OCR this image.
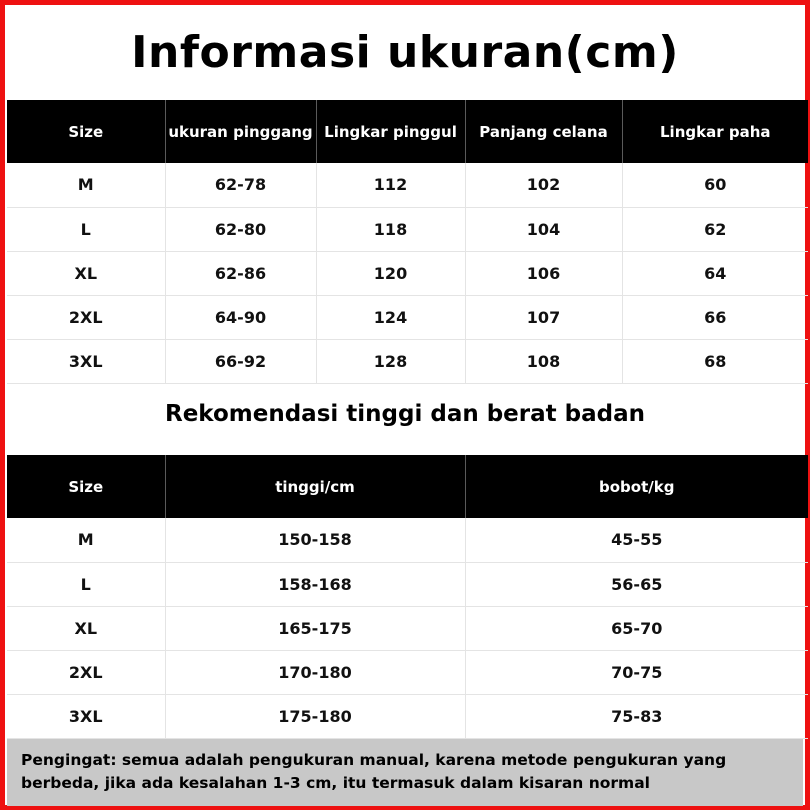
Informasi ukuran(cm)
Size	ukuran pinggang	Lingkar pinggul	Panjang celana	Lingkar paha
M	62-78	112	102	60
L	62-80	118	104	62
XL	62-86	120	106	64
2XL	64-90	124	107	66
3XL	66-92	128	108	68
Rekomendasi tinggi dan berat badan
Size	tinggi/cm	bobot/kg
M	150-158	45-55
L	158-168	56-65
XL	165-175	65-70
2XL	170-180	70-75
3XL	175-180	75-83
Pengingat: semua adalah pengukuran manual, karena metode pengukuran yang berbeda, jika ada kesalahan 1-3 cm, itu termasuk dalam kisaran normal
